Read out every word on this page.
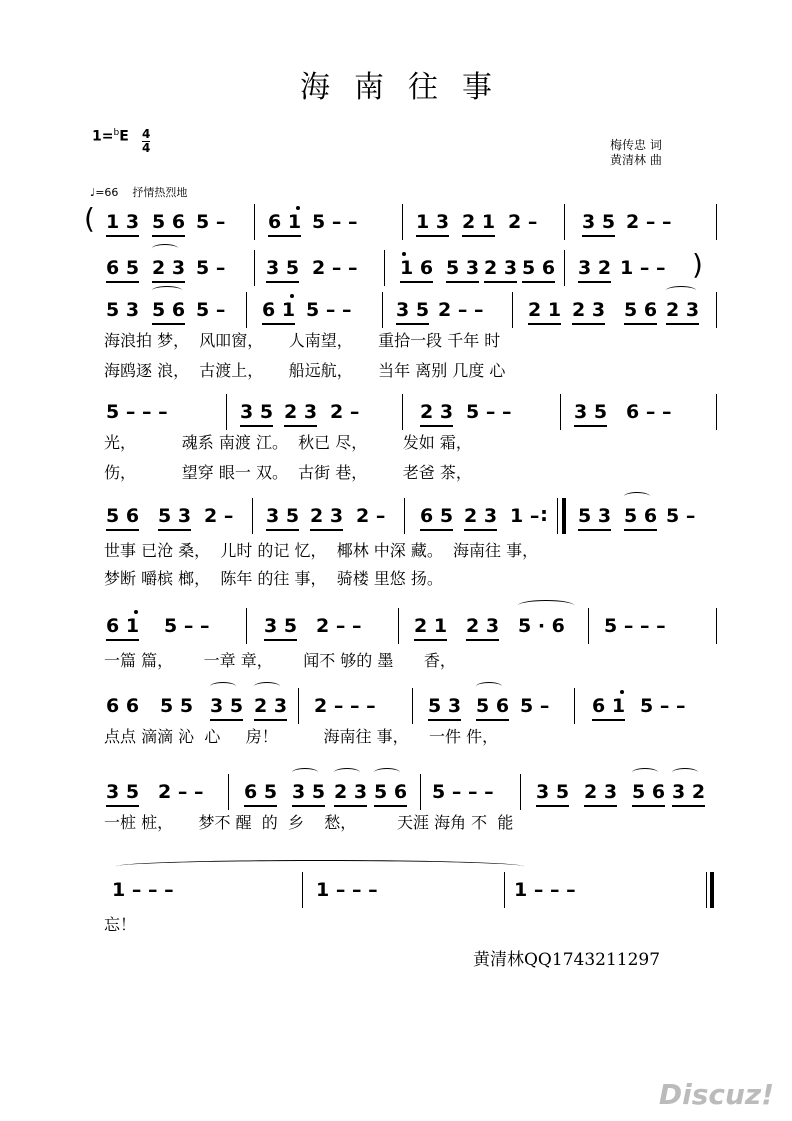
海南往事
1=$^b$E 4
4	梅传忠 词
黄清林 曲
♩=66 抒情热烈地
( 1 3 5 6 5 – 6 1 5 – –	1 3 2 1 2 – 3 5 2 – –
6 5 2 3 5 – 3 5 2 – – 1 6 5 3 2 3 5 6 3 2 1 – – )
5 3 5 6 5 – 6 1 5 – – 3 5 2 – – 2 1 2 3 5 6 2 3
海浪拍 梦，  风吅窗，     人南望，     重拾一段 千年 时
海鸥逐 浪，  古渡上，     船远航，     当年 离别 几度 心
5 – – –	3 5 2 3 2 –	2 3 5 – –	3 5 6 – –
光，         魂系 南渡 江。  秋已 尽，       发如 霜，
伤，         望穿 眼一 双。  古街 巷，       老爸 茶，
5 6 5 3 2 – 3 5 2 3 2 – 6 5 2 3 1 – : 5 3 5 6 5 –
世事 已沧 桑，  儿时 的记 忆，  椰林 中深 藏。  海南往 事，
梦断 嚼槟 榔，  陈年 的往 事，  骑楼 里悠 扬。
6 1 5 – –	3 5 2 – –	2 1 2 3 5 · 6 5 – – –
一篇 篇，      一章 章，      闻不 够的 墨      香，
6 6 5 5 3 5 2 3 2 – – –	5 3 5 6 5 – 6 1 5 – –
点点 滴滴 沁  心     房！         海南往 事，    一件 件，
3 5 2 – – 6 5 3 5 2 3 5 6 5 – – – 3 5 2 3 5 6 3 2
一桩 桩，     梦不 醒  的  乡    愁，        天涯 海角 不  能
1 – – –	1 – – –	1 – – –
忘！
黄清林QQ1743211297
Discuz!
